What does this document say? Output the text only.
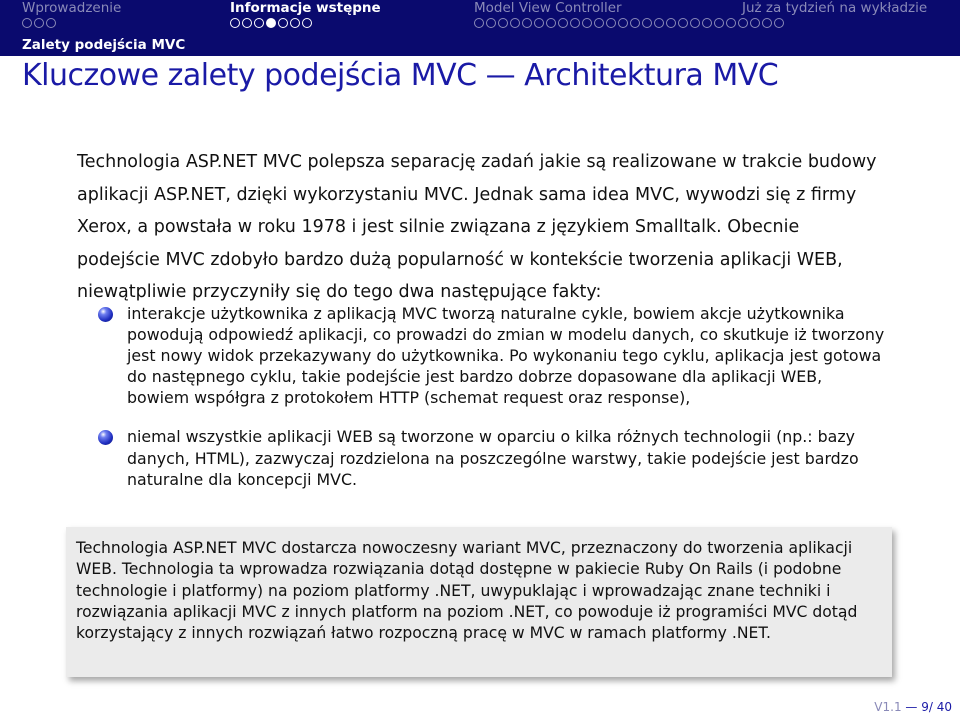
Wprowadzenie	Informacje wstępne	Model View Controller	Już za tydzień na wykładzie
Zalety podejścia MVC
Kluczowe zalety podejścia MVC — Architektura MVC
Technologia ASP.NET MVC polepsza separację zadań jakie są realizowane w trakcie budowy aplikacji ASP.NET, dzięki wykorzystaniu MVC. Jednak sama idea MVC, wywodzi się z firmy Xerox, a powstała w roku 1978 i jest silnie związana z językiem Smalltalk. Obecnie podejście MVC zdobyło bardzo dużą popularność w kontekście tworzenia aplikacji WEB, niewątpliwie przyczyniły się do tego dwa następujące fakty:
interakcje użytkownika z aplikacją MVC tworzą naturalne cykle, bowiem akcje użytkownika powodują odpowiedź aplikacji, co prowadzi do zmian w modelu danych, co skutkuje iż tworzony jest nowy widok przekazywany do użytkownika. Po wykonaniu tego cyklu, aplikacja jest gotowa do następnego cyklu, takie podejście jest bardzo dobrze dopasowane dla aplikacji WEB, bowiem współgra z protokołem HTTP (schemat request oraz response),
niemal wszystkie aplikacji WEB są tworzone w oparciu o kilka różnych technologii (np.: bazy danych, HTML), zazwyczaj rozdzielona na poszczególne warstwy, takie podejście jest bardzo naturalne dla koncepcji MVC.
Technologia ASP.NET MVC dostarcza nowoczesny wariant MVC, przeznaczony do tworzenia aplikacji WEB. Technologia ta wprowadza rozwiązania dotąd dostępne w pakiecie Ruby On Rails (i podobne technologie i platformy) na poziom platformy .NET, uwypuklając i wprowadzając znane techniki i rozwiązania aplikacji MVC z innych platform na poziom .NET, co powoduje iż programiści MVC dotąd korzystający z innych rozwiązań łatwo rozpoczną pracę w MVC w ramach platformy .NET.
V1.1 — 9/ 40
